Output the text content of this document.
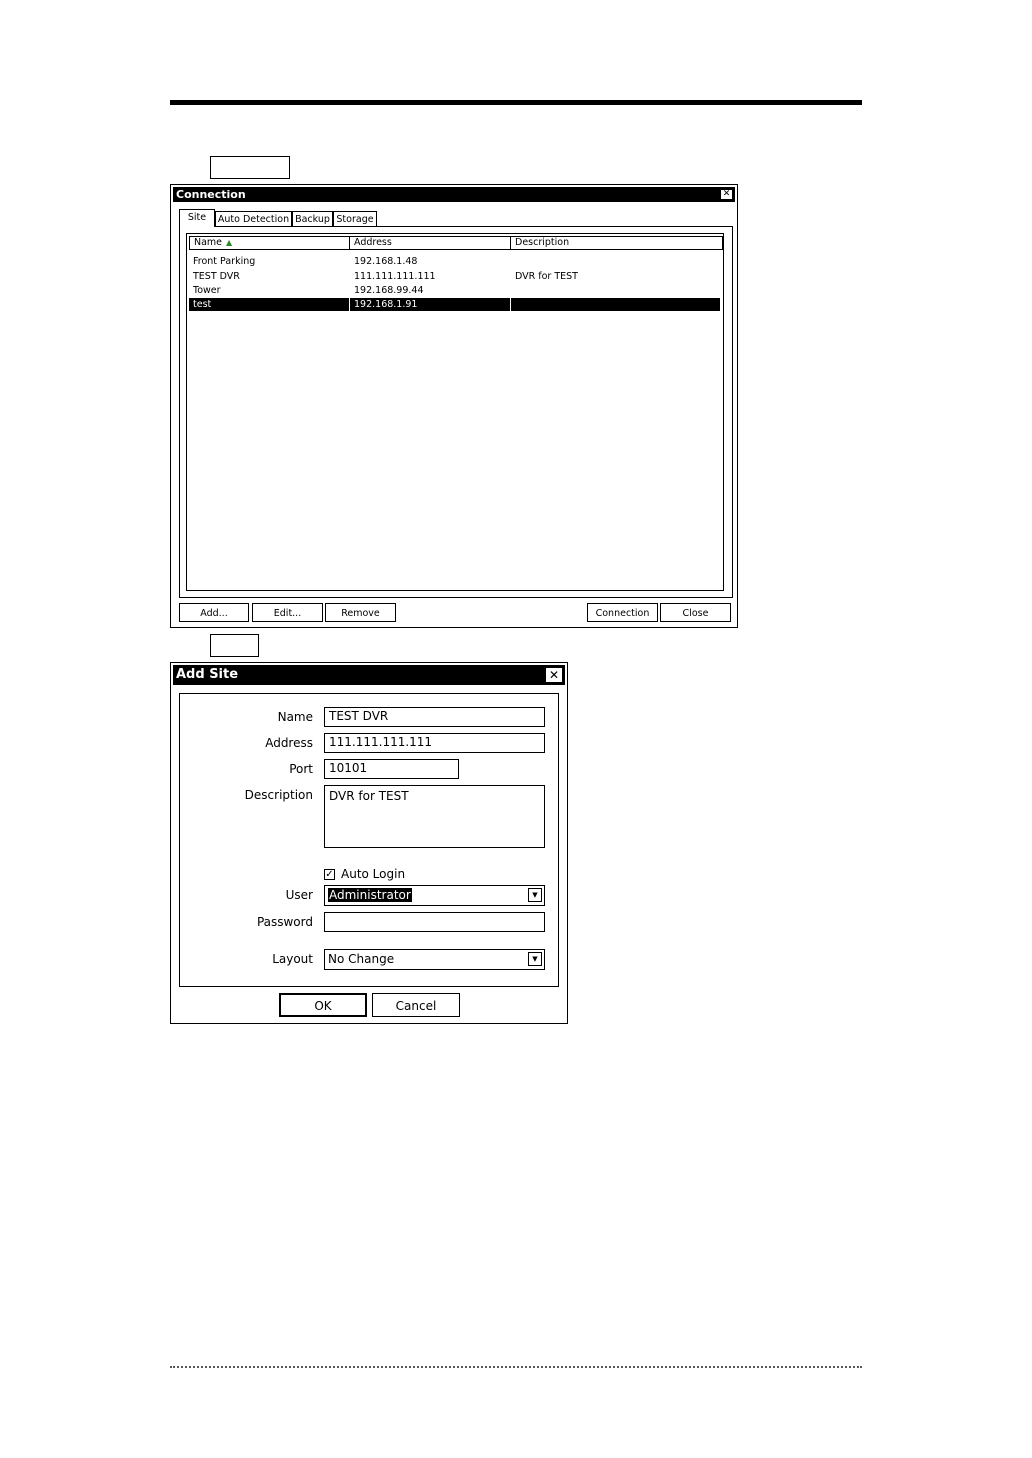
Connection	✕
Site	Auto Detection Backup Storage
Name ▲	Address	Description
Front Parking	192.168.1.48
TEST DVR	111.111.111.111	DVR for TEST
Tower	192.168.99.44
test	192.168.1.91
Add...	Edit...	Remove	Connection	Close
Add Site	✕
Name	TEST DVR
Address	111.111.111.111
Port	10101
Description	DVR for TEST
✓ Auto Login
User Administrator	▼
Password
Layout No Change	▼
OK	Cancel
